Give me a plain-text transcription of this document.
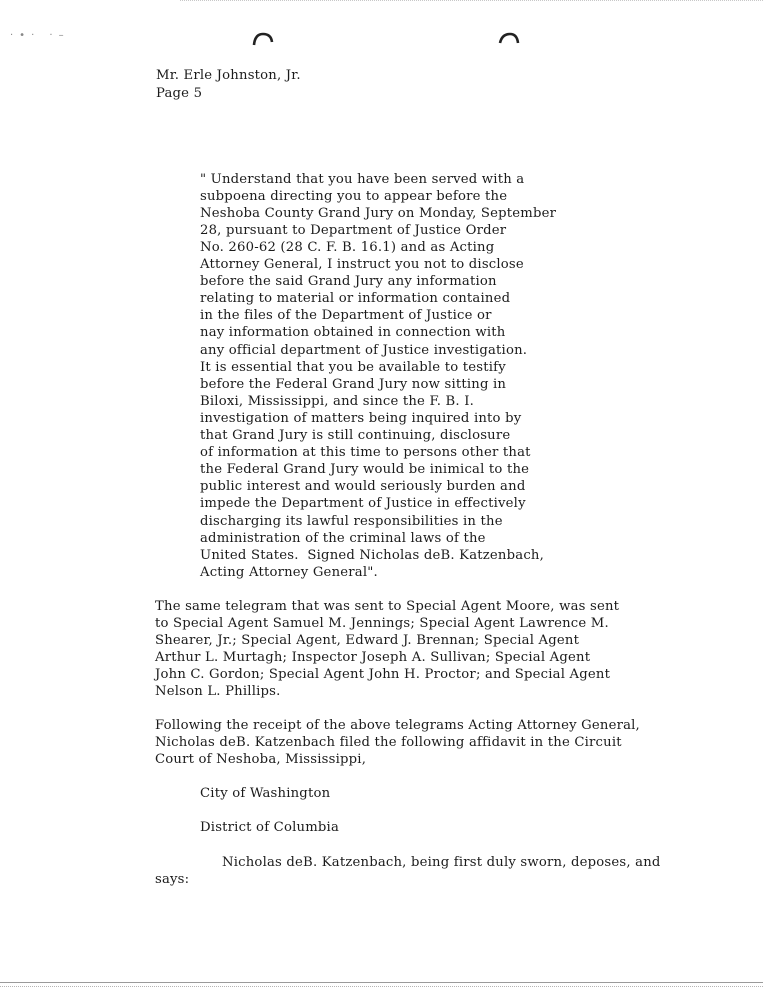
·•· ·–
Mr. Erle Johnston, Jr.
Page 5
" Understand that you have been served with a
subpoena directing you to appear before the
Neshoba County Grand Jury on Monday, September
28, pursuant to Department of Justice Order
No. 260-62 (28 C. F. B. 16.1) and as Acting
Attorney General, I instruct you not to disclose
before the said Grand Jury any information
relating to material or information contained
in the files of the Department of Justice or
nay information obtained in connection with
any official department of Justice investigation.
It is essential that you be available to testify
before the Federal Grand Jury now sitting in
Biloxi, Mississippi, and since the F. B. I.
investigation of matters being inquired into by
that Grand Jury is still continuing, disclosure
of information at this time to persons other that
the Federal Grand Jury would be inimical to the
public interest and would seriously burden and
impede the Department of Justice in effectively
discharging its lawful responsibilities in the
administration of the criminal laws of the
United States.  Signed Nicholas deB. Katzenbach,
Acting Attorney General".
The same telegram that was sent to Special Agent Moore, was sent
to Special Agent Samuel M. Jennings; Special Agent Lawrence M.
Shearer, Jr.; Special Agent, Edward J. Brennan; Special Agent
Arthur L. Murtagh; Inspector Joseph A. Sullivan; Special Agent
John C. Gordon; Special Agent John H. Proctor; and Special Agent
Nelson L. Phillips.
Following the receipt of the above telegrams Acting Attorney General,
Nicholas deB. Katzenbach filed the following affidavit in the Circuit
Court of Neshoba, Mississippi,
City of Washington
District of Columbia
Nicholas deB. Katzenbach, being first duly sworn, deposes, and
says:
